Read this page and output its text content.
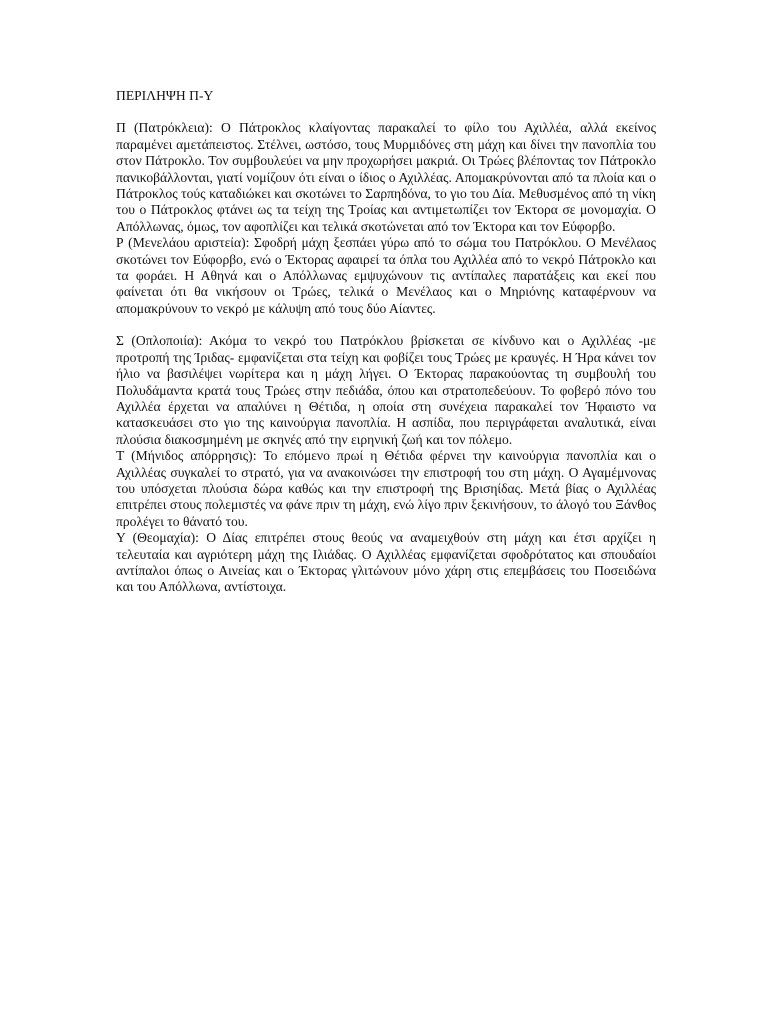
ΠΕΡΙΛΗΨΗ Π-Υ

Π (Πατρόκλεια): Ο Πάτροκλος κλαίγοντας παρακαλεί το φίλο του Αχιλλέα, αλλά εκείνος παραμένει αμετάπειστος. Στέλνει, ωστόσο, τους Μυρμιδόνες στη μάχη και δίνει την πανοπλία του στον Πάτροκλο. Τον συμβουλεύει να μην προχωρήσει μακριά. Οι Τρώες βλέποντας τον Πάτροκλο πανικοβάλλονται, γιατί νομίζουν ότι είναι ο ίδιος ο Αχιλλέας. Απομακρύνονται από τα πλοία και ο Πάτροκλος τούς καταδιώκει και σκοτώνει το Σαρπηδόνα, το γιο του Δία. Μεθυσμένος από τη νίκη του ο Πάτροκλος φτάνει ως τα τείχη της Τροίας και αντιμετωπίζει τον Έκτορα σε μονομαχία. Ο Απόλλωνας, όμως, τον αφοπλίζει και τελικά σκοτώνεται από τον Έκτορα και τον Εύφορβο.

Ρ (Μενελάου αριστεία): Σφοδρή μάχη ξεσπάει γύρω από το σώμα του Πατρόκλου. Ο Μενέλαος σκοτώνει τον Εύφορβο, ενώ ο Έκτορας αφαιρεί τα όπλα του Αχιλλέα από το νεκρό Πάτροκλο και τα φοράει. Η Αθηνά και ο Απόλλωνας εμψυχώνουν τις αντίπαλες παρατάξεις και εκεί που φαίνεται ότι θα νικήσουν οι Τρώες, τελικά ο Μενέλαος και ο Μηριόνης καταφέρνουν να απομακρύνουν το νεκρό με κάλυψη από τους δύο Αίαντες.

Σ (Οπλοποιία): Ακόμα το νεκρό του Πατρόκλου βρίσκεται σε κίνδυνο και ο Αχιλλέας -με προτροπή της Ίριδας- εμφανίζεται στα τείχη και φοβίζει τους Τρώες με κραυγές. Η Ήρα κάνει τον ήλιο να βασιλέψει νωρίτερα και η μάχη λήγει. Ο Έκτορας παρακούοντας τη συμβουλή του Πολυδάμαντα κρατά τους Τρώες στην πεδιάδα, όπου και στρατοπεδεύουν. Το φοβερό πόνο του Αχιλλέα έρχεται να απαλύνει η Θέτιδα, η οποία στη συνέχεια παρακαλεί τον Ήφαιστο να κατασκευάσει στο γιο της καινούργια πανοπλία. Η ασπίδα, που περιγράφεται αναλυτικά, είναι πλούσια διακοσμημένη με σκηνές από την ειρηνική ζωή και τον πόλεμο.

Τ (Μήνιδος απόρρησις): Το επόμενο πρωί η Θέτιδα φέρνει την καινούργια πανοπλία και ο Αχιλλέας συγκαλεί το στρατό, για να ανακοινώσει την επιστροφή του στη μάχη. Ο Αγαμέμνονας του υπόσχεται πλούσια δώρα καθώς και την επιστροφή της Βρισηίδας. Μετά βίας ο Αχιλλέας επιτρέπει στους πολεμιστές να φάνε πριν τη μάχη, ενώ λίγο πριν ξεκινήσουν, το άλογό του Ξάνθος προλέγει το θάνατό του.

Υ (Θεομαχία): Ο Δίας επιτρέπει στους θεούς να αναμειχθούν στη μάχη και έτσι αρχίζει η τελευταία και αγριότερη μάχη της Ιλιάδας. Ο Αχιλλέας εμφανίζεται σφοδρότατος και σπουδαίοι αντίπαλοι όπως ο Αινείας και ο Έκτορας γλιτώνουν μόνο χάρη στις επεμβάσεις του Ποσειδώνα και του Απόλλωνα, αντίστοιχα.
